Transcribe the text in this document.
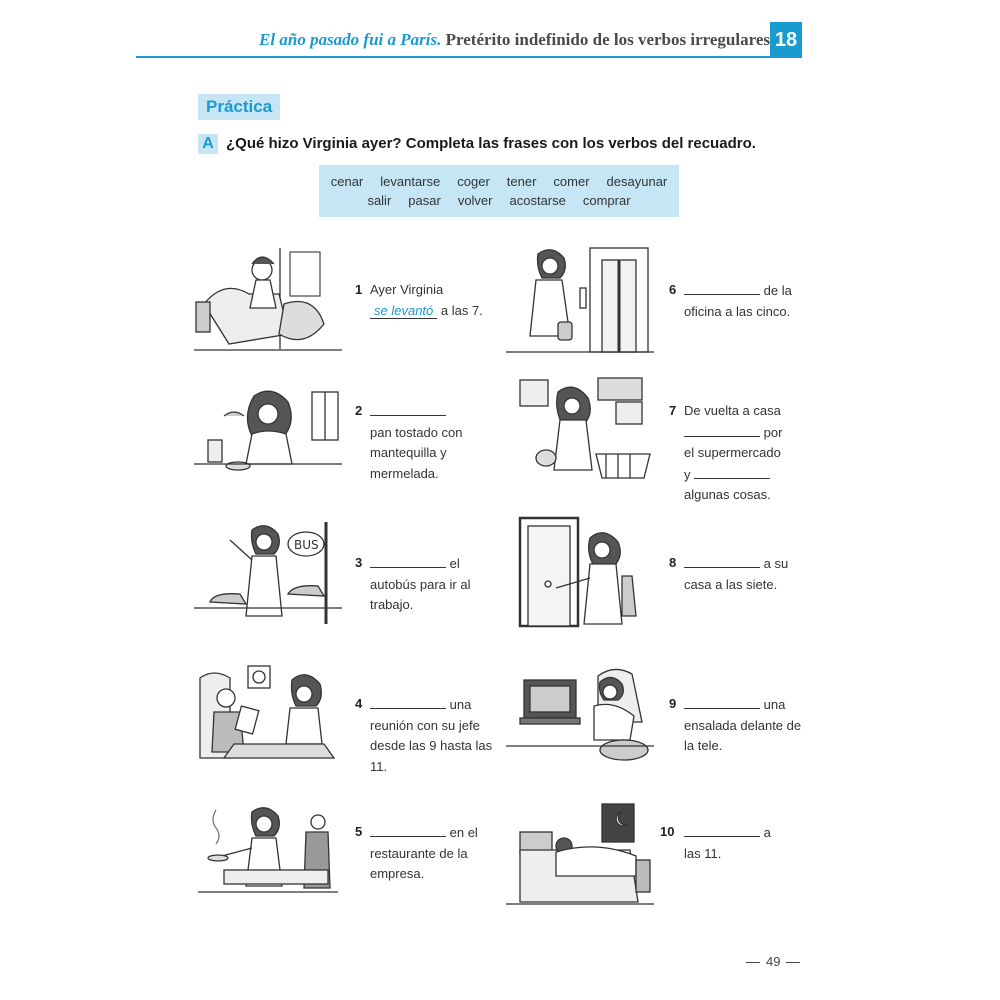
El año pasado fui a París. Pretérito indefinido de los verbos irregulares 18
Práctica
A ¿Qué hizo Virginia ayer? Completa las frases con los verbos del recuadro.
cenar levantarse coger tener comer desayunar
salir pasar volver acostarse comprar
BUS
1 Ayer Virginia
se levantó a las 7.
2
pan tostado con
mantequilla y
mermelada.
3	el
autobús para ir al
trabajo.
4	una
reunión con su jefe
desde las 9 hasta las
11.
5	en el
restaurante de la
empresa.
6	de la
oficina a las cinco.
7 De vuelta a casa
por
el supermercado
y
algunas cosas.
8	a su
casa a las siete.
9	una
ensalada delante de
la tele.
10	a
las 11.
49
